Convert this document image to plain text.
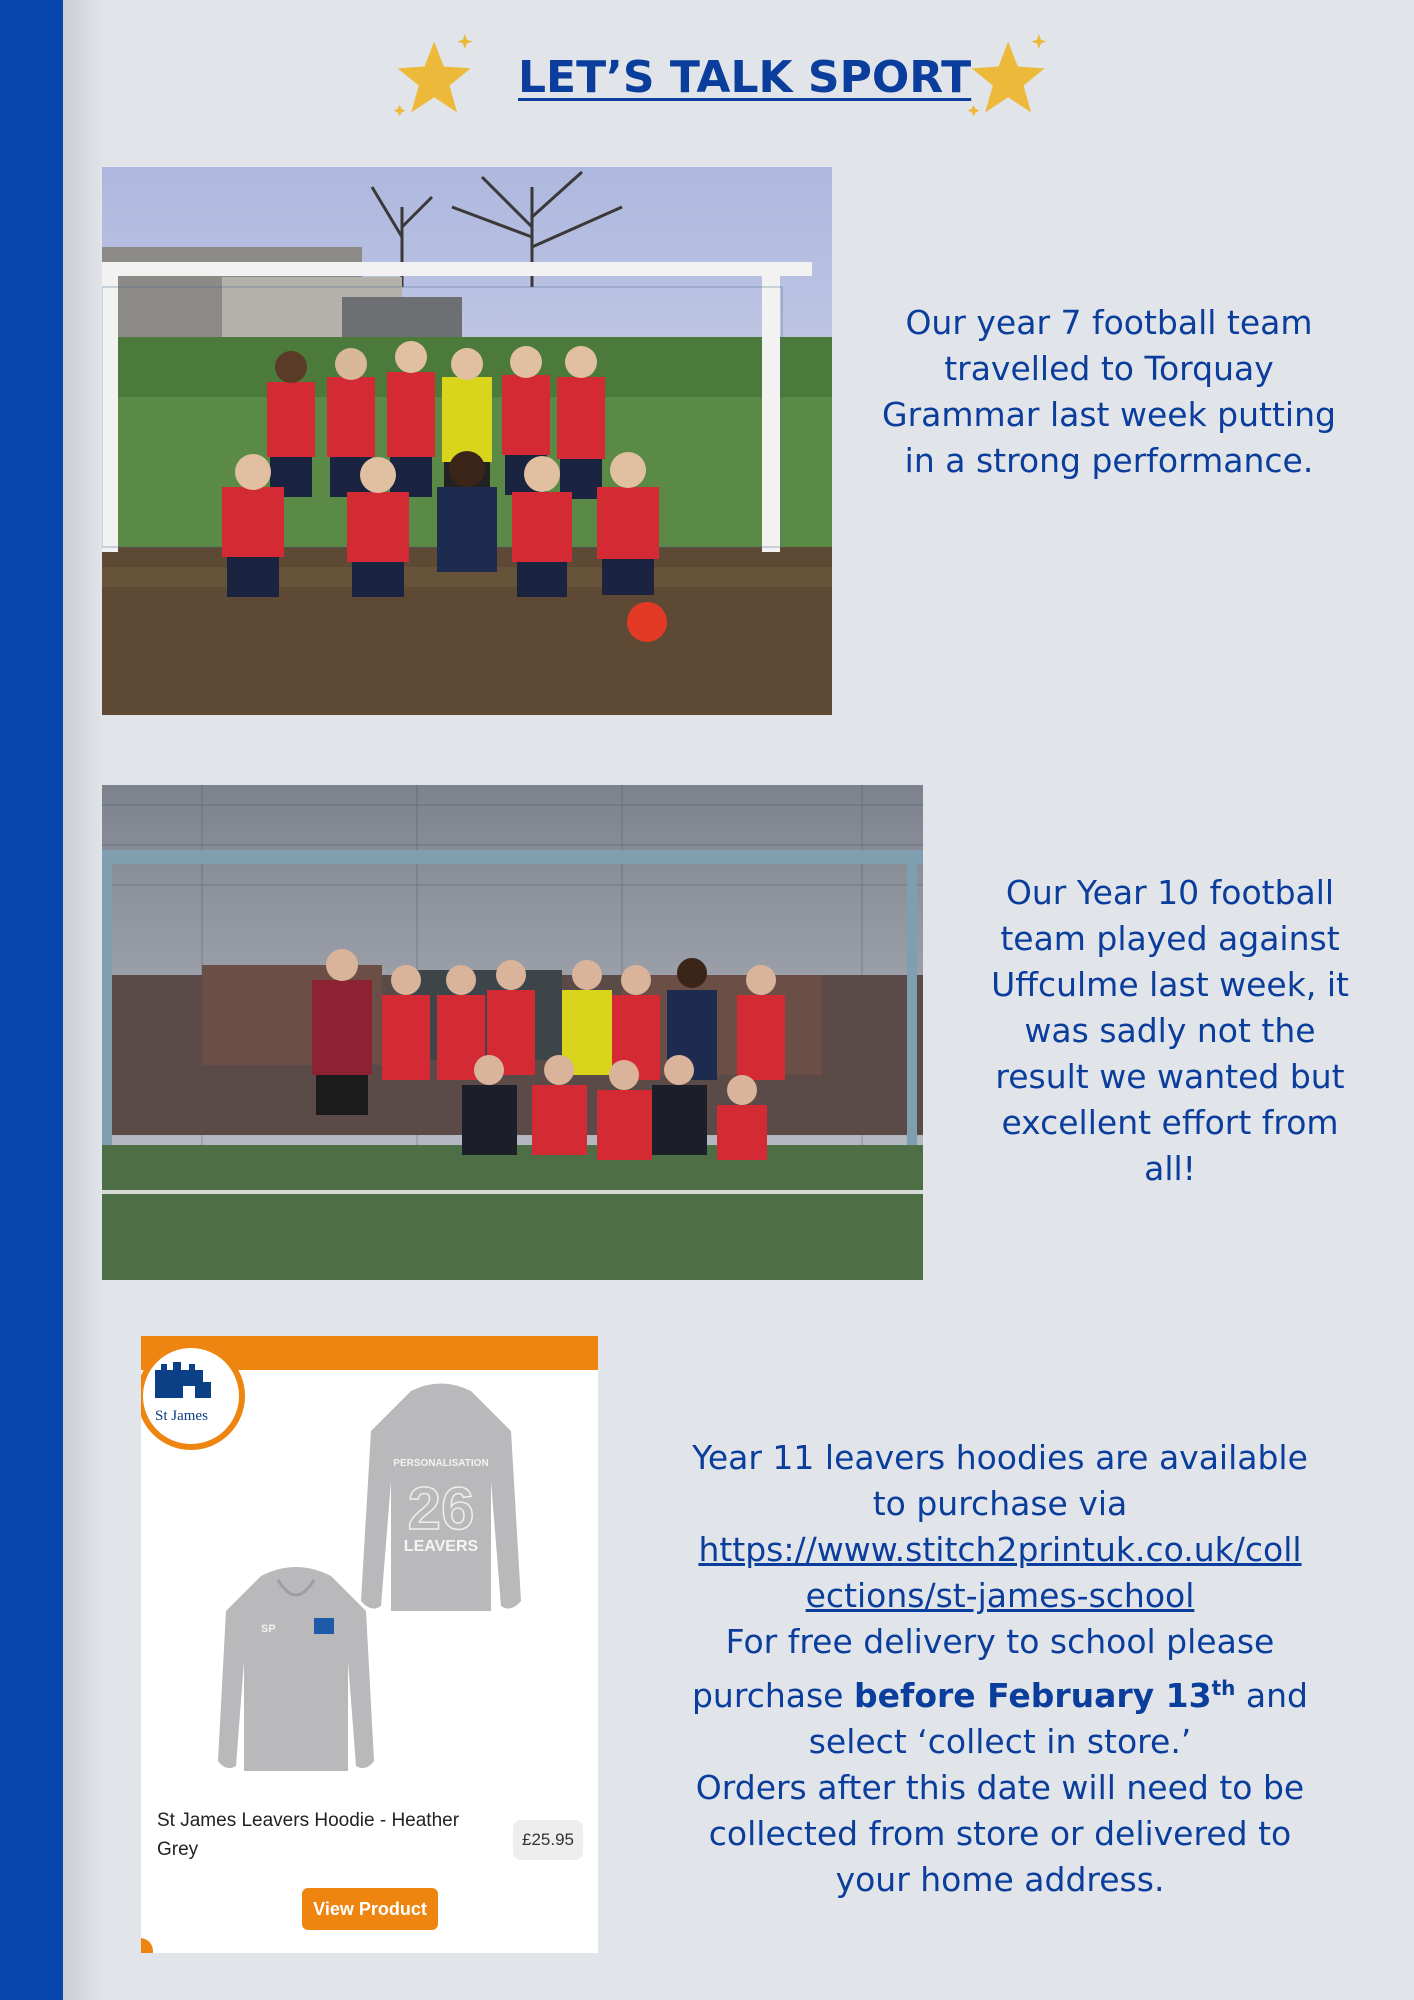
LET’S TALK SPORT
Our year 7 football team travelled to Torquay Grammar last week putting in a strong performance.
Our Year 10 football team played against Uffculme last week, it was sadly not the result we wanted but excellent effort from all!
St James
PERSONALISATION
26
LEAVERS
SP
St James Leavers Hoodie - Heather Grey	£25.95
View Product
Year 11 leavers hoodies are available to purchase via
https://www.stitch2printuk.co.uk/collections/st-james-school
For free delivery to school please purchase before February 13th and select ‘collect in store.’
Orders after this date will need to be collected from store or delivered to your home address.
